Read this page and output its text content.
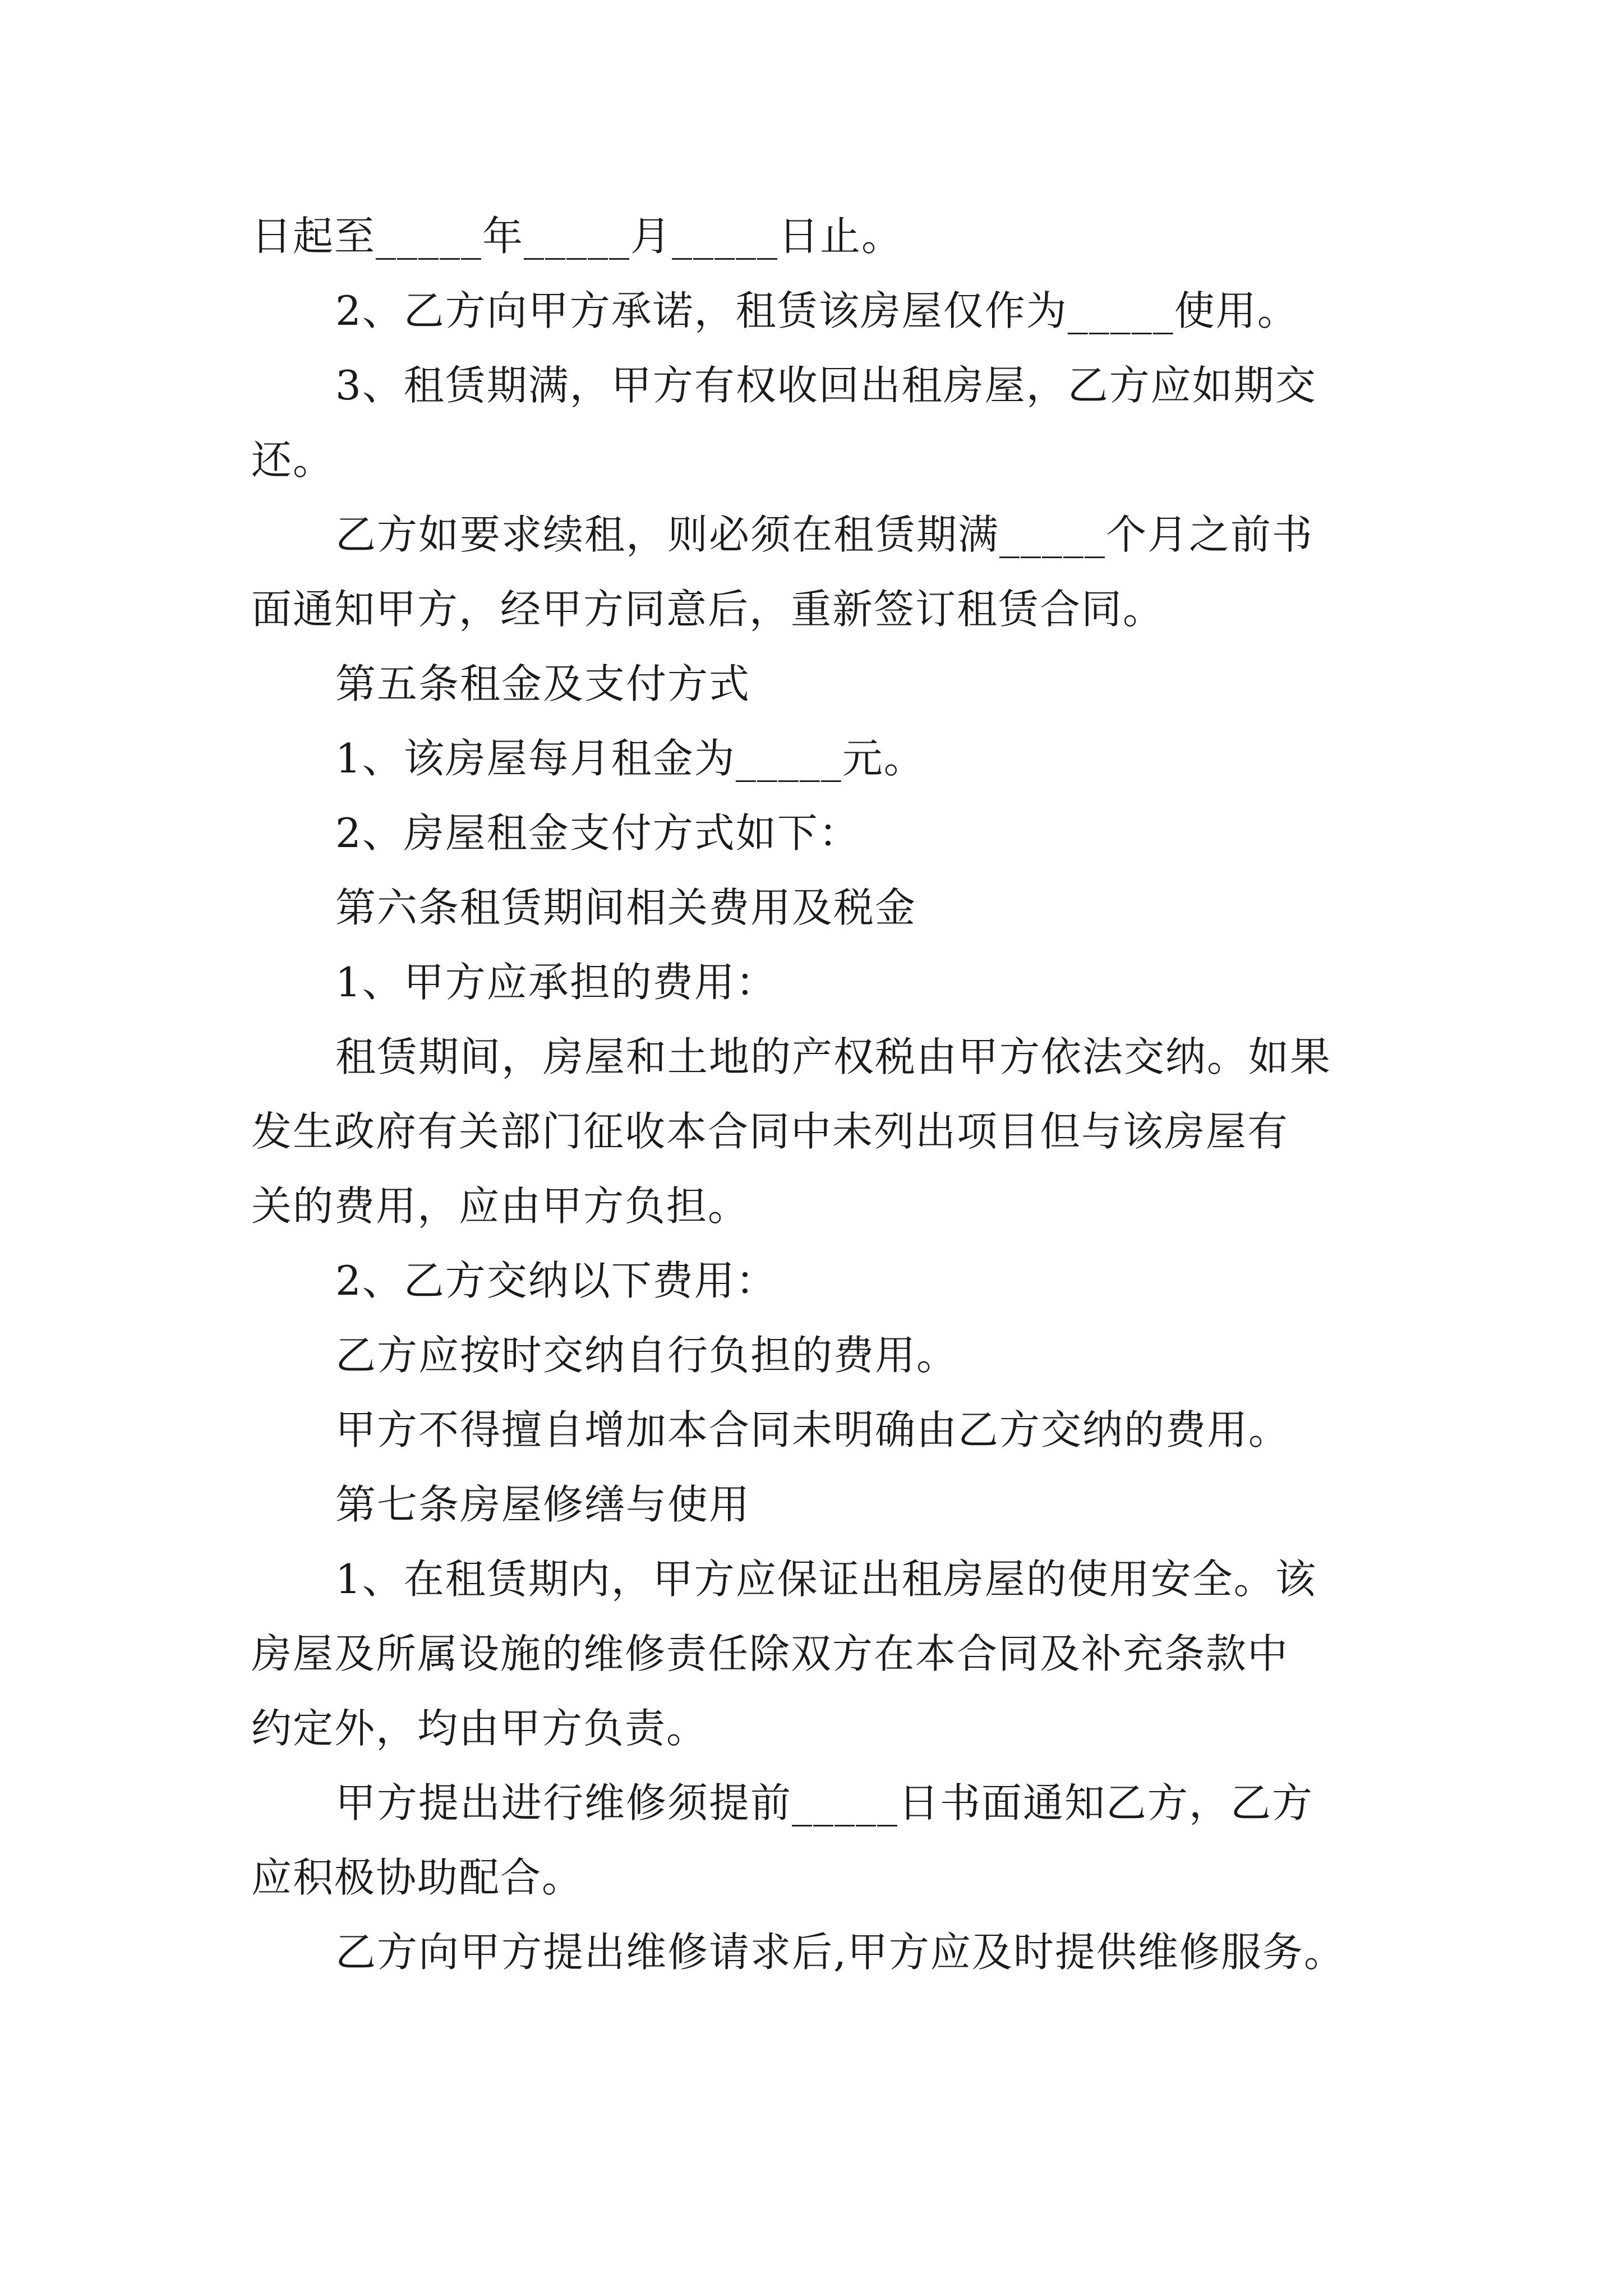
日起至_____年_____月_____日止。
2、乙方向甲方承诺，租赁该房屋仅作为_____使用。
3、租赁期满，甲方有权收回出租房屋，乙方应如期交
还。
乙方如要求续租，则必须在租赁期满_____个月之前书
面通知甲方，经甲方同意后，重新签订租赁合同。
第五条租金及支付方式
1、该房屋每月租金为_____元。
2、房屋租金支付方式如下：
第六条租赁期间相关费用及税金
1、甲方应承担的费用：
租赁期间，房屋和土地的产权税由甲方依法交纳。如果
发生政府有关部门征收本合同中未列出项目但与该房屋有
关的费用，应由甲方负担。
2、乙方交纳以下费用：
乙方应按时交纳自行负担的费用。
甲方不得擅自增加本合同未明确由乙方交纳的费用。
第七条房屋修缮与使用
1、在租赁期内，甲方应保证出租房屋的使用安全。该
房屋及所属设施的维修责任除双方在本合同及补充条款中
约定外，均由甲方负责。
甲方提出进行维修须提前_____日书面通知乙方，乙方
应积极协助配合。
乙方向甲方提出维修请求后,甲方应及时提供维修服务。
